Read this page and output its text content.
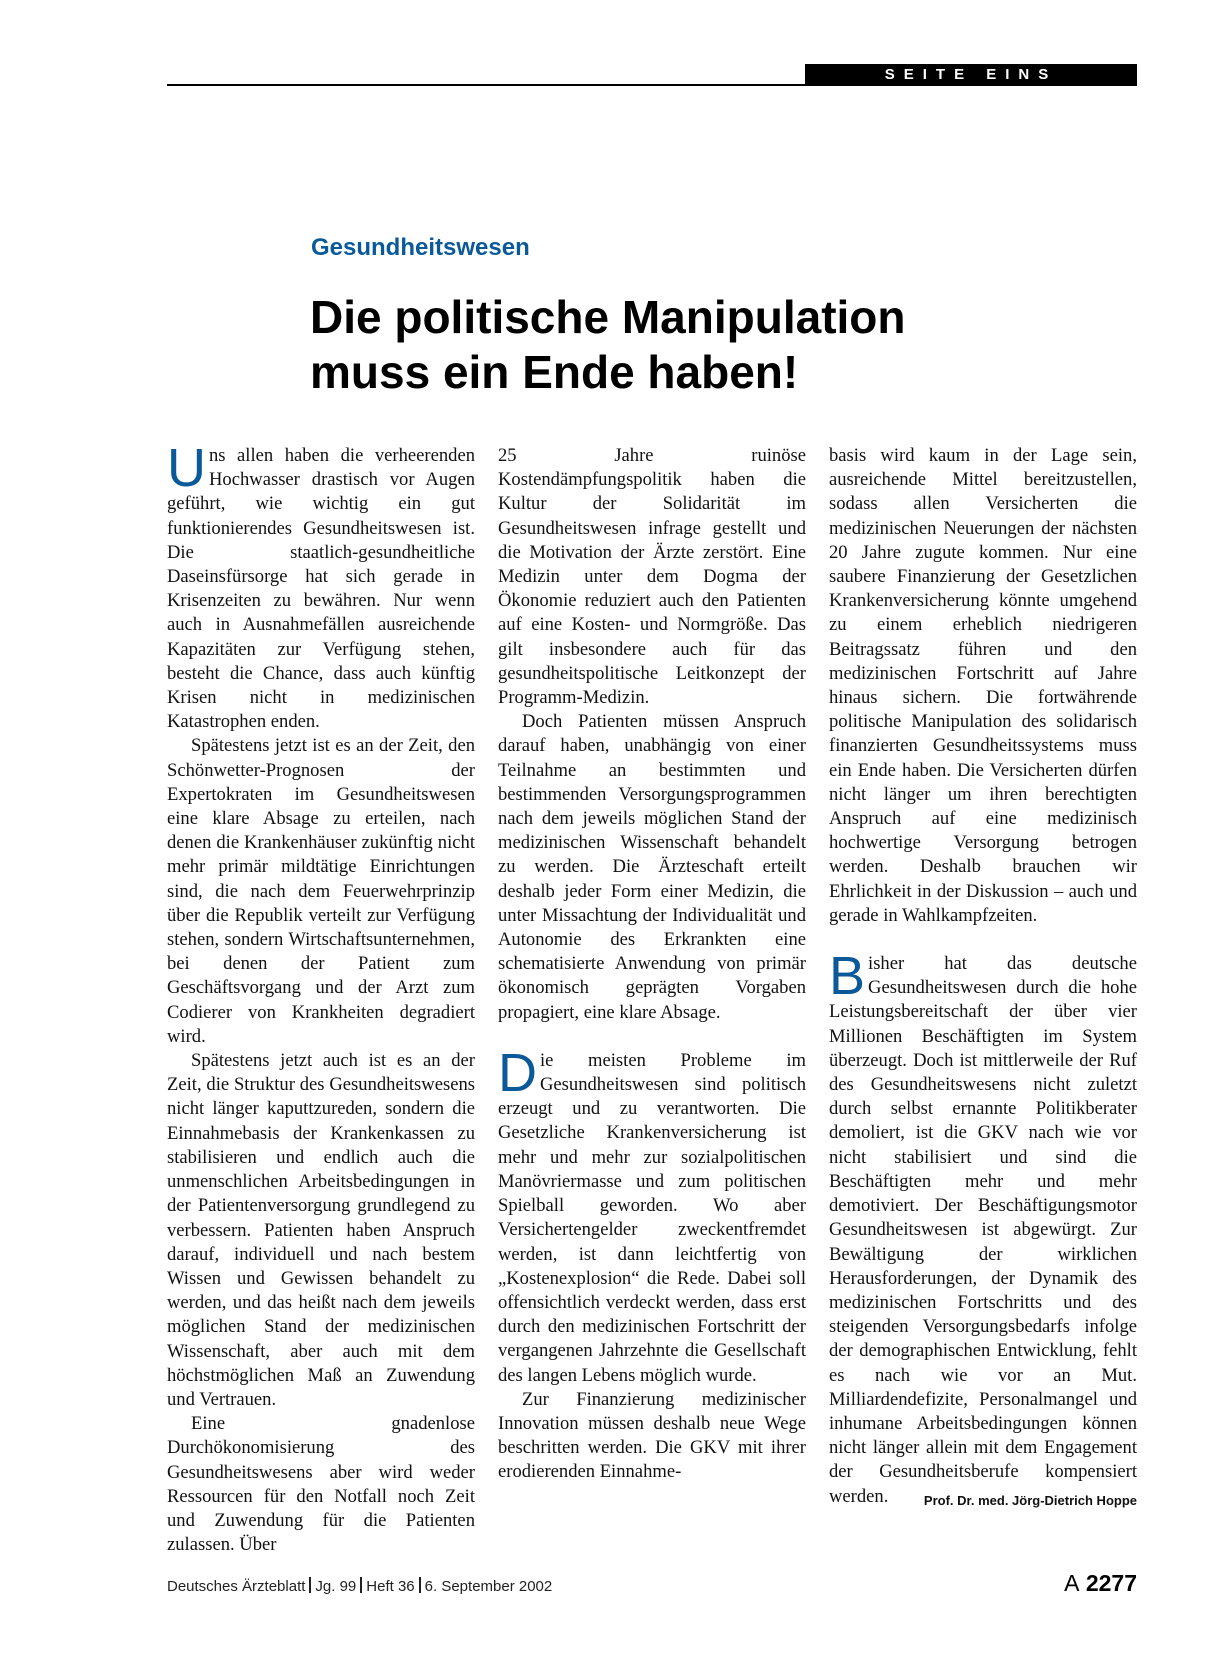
SEITE EINS
Gesundheitswesen
Die politische Manipulation
muss ein Ende haben!

Uns allen haben die verheerenden Hochwasser drastisch vor Augen geführt, wie wichtig ein gut funktionierendes Gesundheitswesen ist. Die staatlich-gesundheitliche Daseinsfürsorge hat sich gerade in Krisenzeiten zu bewähren. Nur wenn auch in Ausnahmefällen ausreichende Kapazitäten zur Verfügung stehen, besteht die Chance, dass auch künftig Krisen nicht in medizinischen Katastrophen enden.

Spätestens jetzt ist es an der Zeit, den Schönwetter-Prognosen der Expertokraten im Gesundheitswesen eine klare Absage zu erteilen, nach denen die Krankenhäuser zukünftig nicht mehr primär mildtätige Einrichtungen sind, die nach dem Feuerwehrprinzip über die Republik verteilt zur Verfügung stehen, sondern Wirtschaftsunternehmen, bei denen der Patient zum Geschäftsvorgang und der Arzt zum Codierer von Krankheiten degradiert wird.

Spätestens jetzt auch ist es an der Zeit, die Struktur des Gesundheitswesens nicht länger kaputtzureden, sondern die Einnahmebasis der Krankenkassen zu stabilisieren und endlich auch die unmenschlichen Arbeitsbedingungen in der Patientenversorgung grundlegend zu verbessern. Patienten haben Anspruch darauf, individuell und nach bestem Wissen und Gewissen behandelt zu werden, und das heißt nach dem jeweils möglichen Stand der medizinischen Wissenschaft, aber auch mit dem höchstmöglichen Maß an Zuwendung und Vertrauen.

Eine gnadenlose Durchökonomisierung des Gesundheitswesens aber wird weder Ressourcen für den Notfall noch Zeit und Zuwendung für die Patienten zulassen. Über

25 Jahre ruinöse Kostendämpfungspolitik haben die Kultur der Solidarität im Gesundheitswesen infrage gestellt und die Motivation der Ärzte zerstört. Eine Medizin unter dem Dogma der Ökonomie reduziert auch den Patienten auf eine Kosten- und Normgröße. Das gilt insbesondere auch für das gesundheitspolitische Leitkonzept der Programm-Medizin.

Doch Patienten müssen Anspruch darauf haben, unabhängig von einer Teilnahme an bestimmten und bestimmenden Versorgungsprogrammen nach dem jeweils möglichen Stand der medizinischen Wissenschaft behandelt zu werden. Die Ärzteschaft erteilt deshalb jeder Form einer Medizin, die unter Missachtung der Individualität und Autonomie des Erkrankten eine schematisierte Anwendung von primär ökonomisch geprägten Vorgaben propagiert, eine klare Absage.

Die meisten Probleme im Gesundheitswesen sind politisch erzeugt und zu verantworten. Die Gesetzliche Krankenversicherung ist mehr und mehr zur sozialpolitischen Manövriermasse und zum politischen Spielball geworden. Wo aber Versichertengelder zweckentfremdet werden, ist dann leichtfertig von „Kostenexplosion“ die Rede. Dabei soll offensichtlich verdeckt werden, dass erst durch den medizinischen Fortschritt der vergangenen Jahrzehnte die Gesellschaft des langen Lebens möglich wurde.

Zur Finanzierung medizinischer Innovation müssen deshalb neue Wege beschritten werden. Die GKV mit ihrer erodierenden Einnahme-

basis wird kaum in der Lage sein, ausreichende Mittel bereitzustellen, sodass allen Versicherten die medizinischen Neuerungen der nächsten 20 Jahre zugute kommen. Nur eine saubere Finanzierung der Gesetzlichen Krankenversicherung könnte umgehend zu einem erheblich niedrigeren Beitragssatz führen und den medizinischen Fortschritt auf Jahre hinaus sichern. Die fortwährende politische Manipulation des solidarisch finanzierten Gesundheitssystems muss ein Ende haben. Die Versicherten dürfen nicht länger um ihren berechtigten Anspruch auf eine medizinisch hochwertige Versorgung betrogen werden. Deshalb brauchen wir Ehrlichkeit in der Diskussion – auch und gerade in Wahlkampfzeiten.

Bisher hat das deutsche Gesundheitswesen durch die hohe Leistungsbereitschaft der über vier Millionen Beschäftigten im System überzeugt. Doch ist mittlerweile der Ruf des Gesundheitswesens nicht zuletzt durch selbst ernannte Politikberater demoliert, ist die GKV nach wie vor nicht stabilisiert und sind die Beschäftigten mehr und mehr demotiviert. Der Beschäftigungsmotor Gesundheitswesen ist abgewürgt. Zur Bewältigung der wirklichen Herausforderungen, der Dynamik des medizinischen Fortschritts und des steigenden Versorgungsbedarfs infolge der demographischen Entwicklung, fehlt es nach wie vor an Mut. Milliardendefizite, Personalmangel und inhumane Arbeitsbedingungen können nicht länger allein mit dem Engagement der Gesundheitsberufe kompensiert werden.	Prof. Dr. med. Jörg-Dietrich Hoppe

Deutsches Ärzteblatt Jg. 99 Heft 36 6. September 2002	A 2277
